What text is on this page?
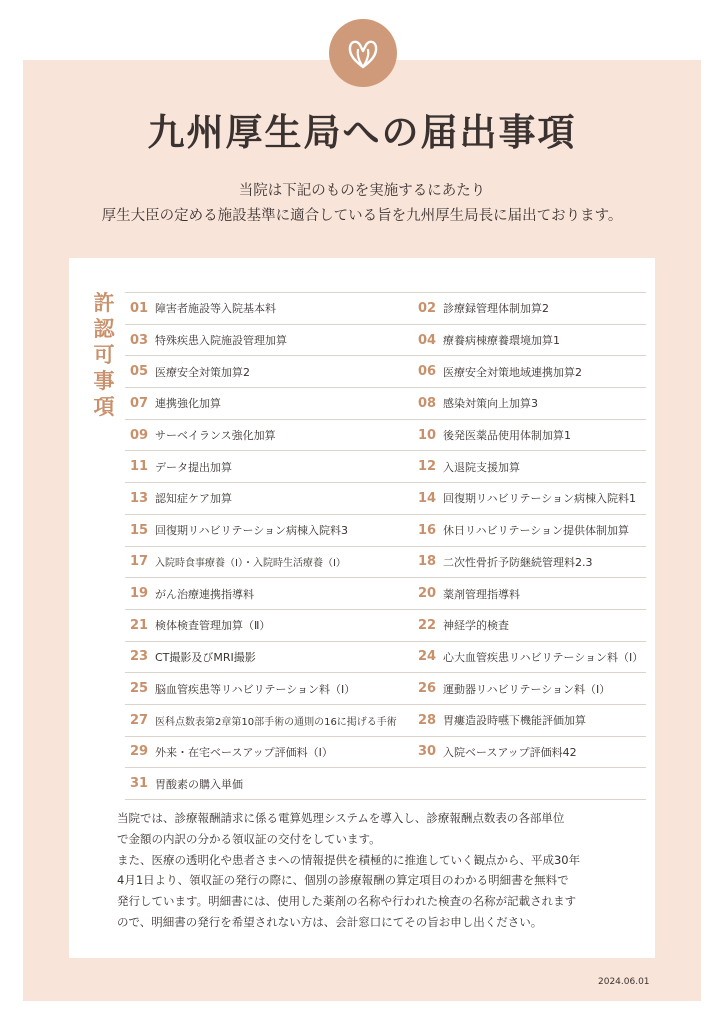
九州厚生局への届出事項
当院は下記のものを実施するにあたり
厚生大臣の定める施設基準に適合している旨を九州厚生局長に届出ております。
許認可事項
01 障害者施設等入院基本料	02 診療録管理体制加算2
03 特殊疾患入院施設管理加算	04 療養病棟療養環境加算1
05 医療安全対策加算2	06 医療安全対策地域連携加算2
07 連携強化加算	08 感染対策向上加算3
09 サーベイランス強化加算	10 後発医薬品使用体制加算1
11 データ提出加算	12 入退院支援加算
13 認知症ケア加算	14 回復期リハビリテーション病棟入院料1
15 回復期リハビリテーション病棟入院料3	16 休日リハビリテーション提供体制加算
17 入院時食事療養（Ⅰ）・入院時生活療養（Ⅰ）	18 二次性骨折予防継続管理料2.3
19 がん治療連携指導料	20 薬剤管理指導料
21 検体検査管理加算（Ⅱ）	22 神経学的検査
23 CT撮影及びMRI撮影	24 心大血管疾患リハビリテーション料（Ⅰ）
25 脳血管疾患等リハビリテーション料（Ⅰ）	26 運動器リハビリテーション料（Ⅰ）
27 医科点数表第2章第10部手術の通則の16に掲げる手術 28 胃瘻造設時嚥下機能評価加算
29 外来・在宅ベースアップ評価料（Ⅰ）	30 入院ベースアップ評価料42
31 胃酸素の購入単価

当院では、診療報酬請求に係る電算処理システムを導入し、診療報酬点数表の各部単位

で金額の内訳の分かる領収証の交付をしています。

また、医療の透明化や患者さまへの情報提供を積極的に推進していく観点から、平成30年

4月1日より、領収証の発行の際に、個別の診療報酬の算定項目のわかる明細書を無料で

発行しています。明細書には、使用した薬剤の名称や行われた検査の名称が記載されます

ので、明細書の発行を希望されない方は、会計窓口にてその旨お申し出ください。

2024.06.01
